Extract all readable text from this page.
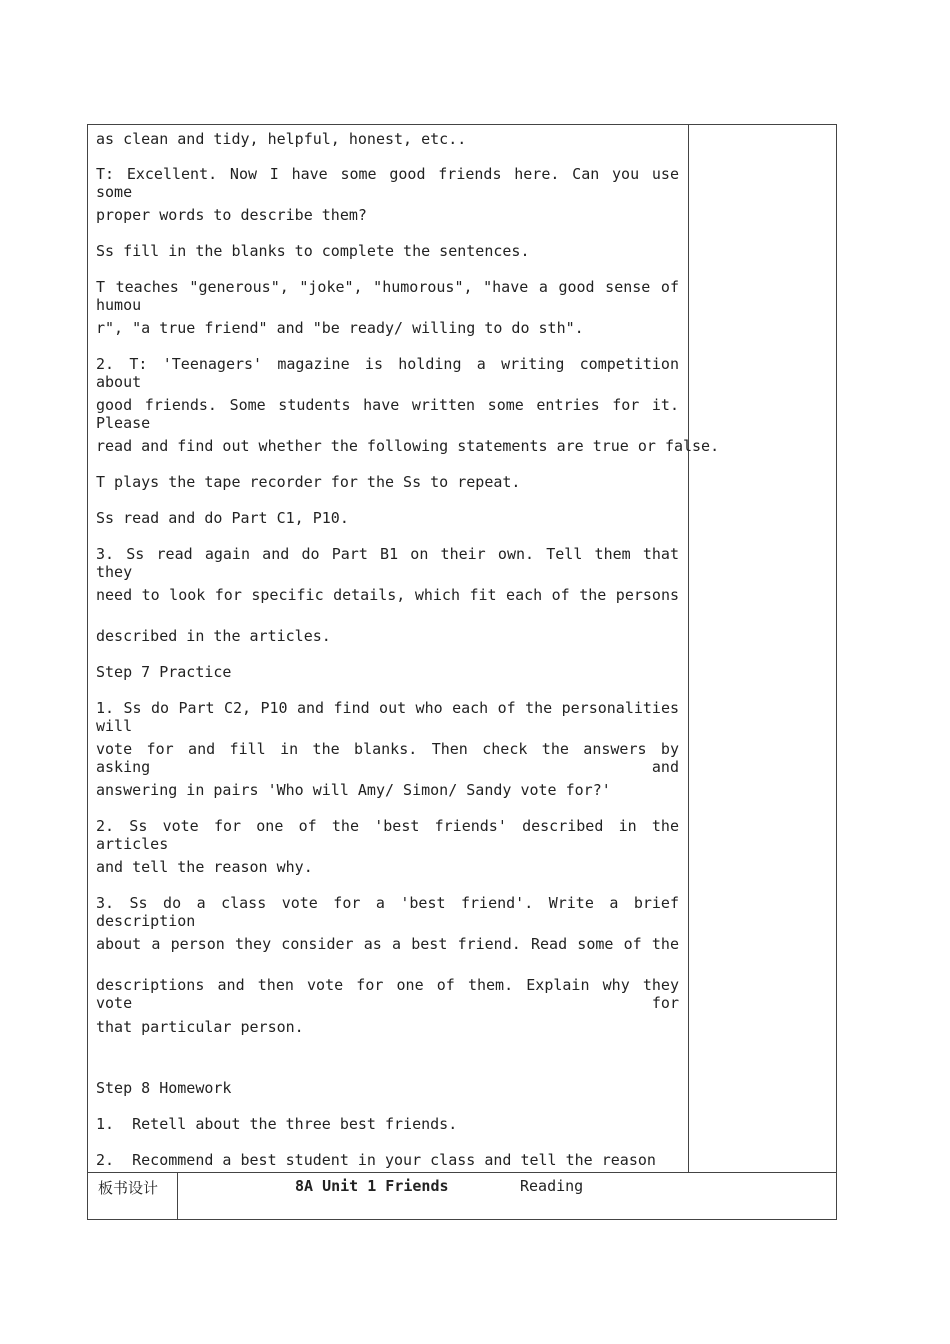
as clean and tidy, helpful, honest, etc..
T: Excellent. Now I have some good friends here. Can you use some
proper words to describe them?
Ss fill in the blanks to complete the sentences.
T teaches "generous", "joke", "humorous", "have a good sense of humou
r", "a true friend" and "be ready/ willing to do sth".
2. T: 'Teenagers' magazine is holding a writing competition about
good friends. Some students have written some entries for it. Please
read and find out whether the following statements are true or false.
T plays the tape recorder for the Ss to repeat.
Ss read and do Part C1, P10.
3. Ss read again and do Part B1 on their own. Tell them that they
need to look for specific details, which fit each of the persons
described in the articles.
Step 7 Practice
1. Ss do Part C2, P10 and find out who each of the personalities will
vote for and fill in the blanks. Then check the answers by asking and
answering in pairs 'Who will Amy/ Simon/ Sandy vote for?'
2. Ss vote for one of the 'best friends' described in the articles
and tell the reason why.
3. Ss do a class vote for a 'best friend'. Write a brief description
about a person they consider as a best friend. Read some of the
descriptions and then vote for one of them. Explain why they vote for
that particular person.
Step 8 Homework
1.  Retell about the three best friends.
2.  Recommend a best student in your class and tell the reason
板书设计	8A Unit 1 Friends	Reading
